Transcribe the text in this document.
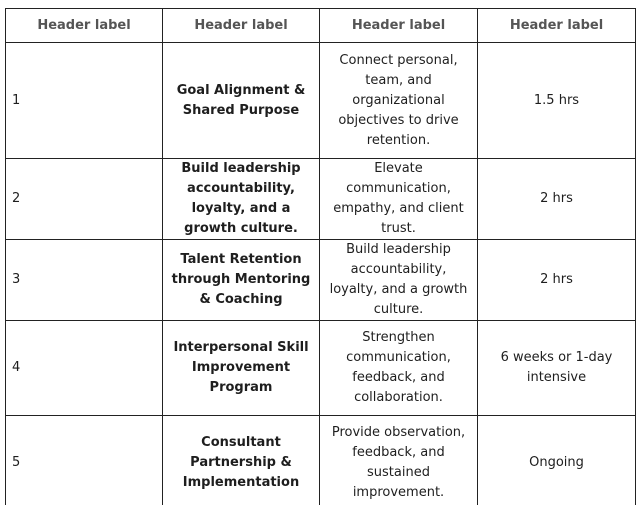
Header label	Header label	Header label	Header label
1	Goal Alignment & Shared Purpose	Connect personal, team, and organizational objectives to drive retention.	1.5 hrs
2	Build leadership accountability, loyalty, and a growth culture.	Elevate communication, empathy, and client trust.	2 hrs
3	Talent Retention through Mentoring & Coaching	Build leadership accountability, loyalty, and a growth culture.	2 hrs
4	Interpersonal Skill Improvement Program	Strengthen communication, feedback, and collaboration.	6 weeks or 1-day intensive
5	Consultant Partnership & Implementation	Provide observation, feedback, and sustained improvement.	Ongoing
